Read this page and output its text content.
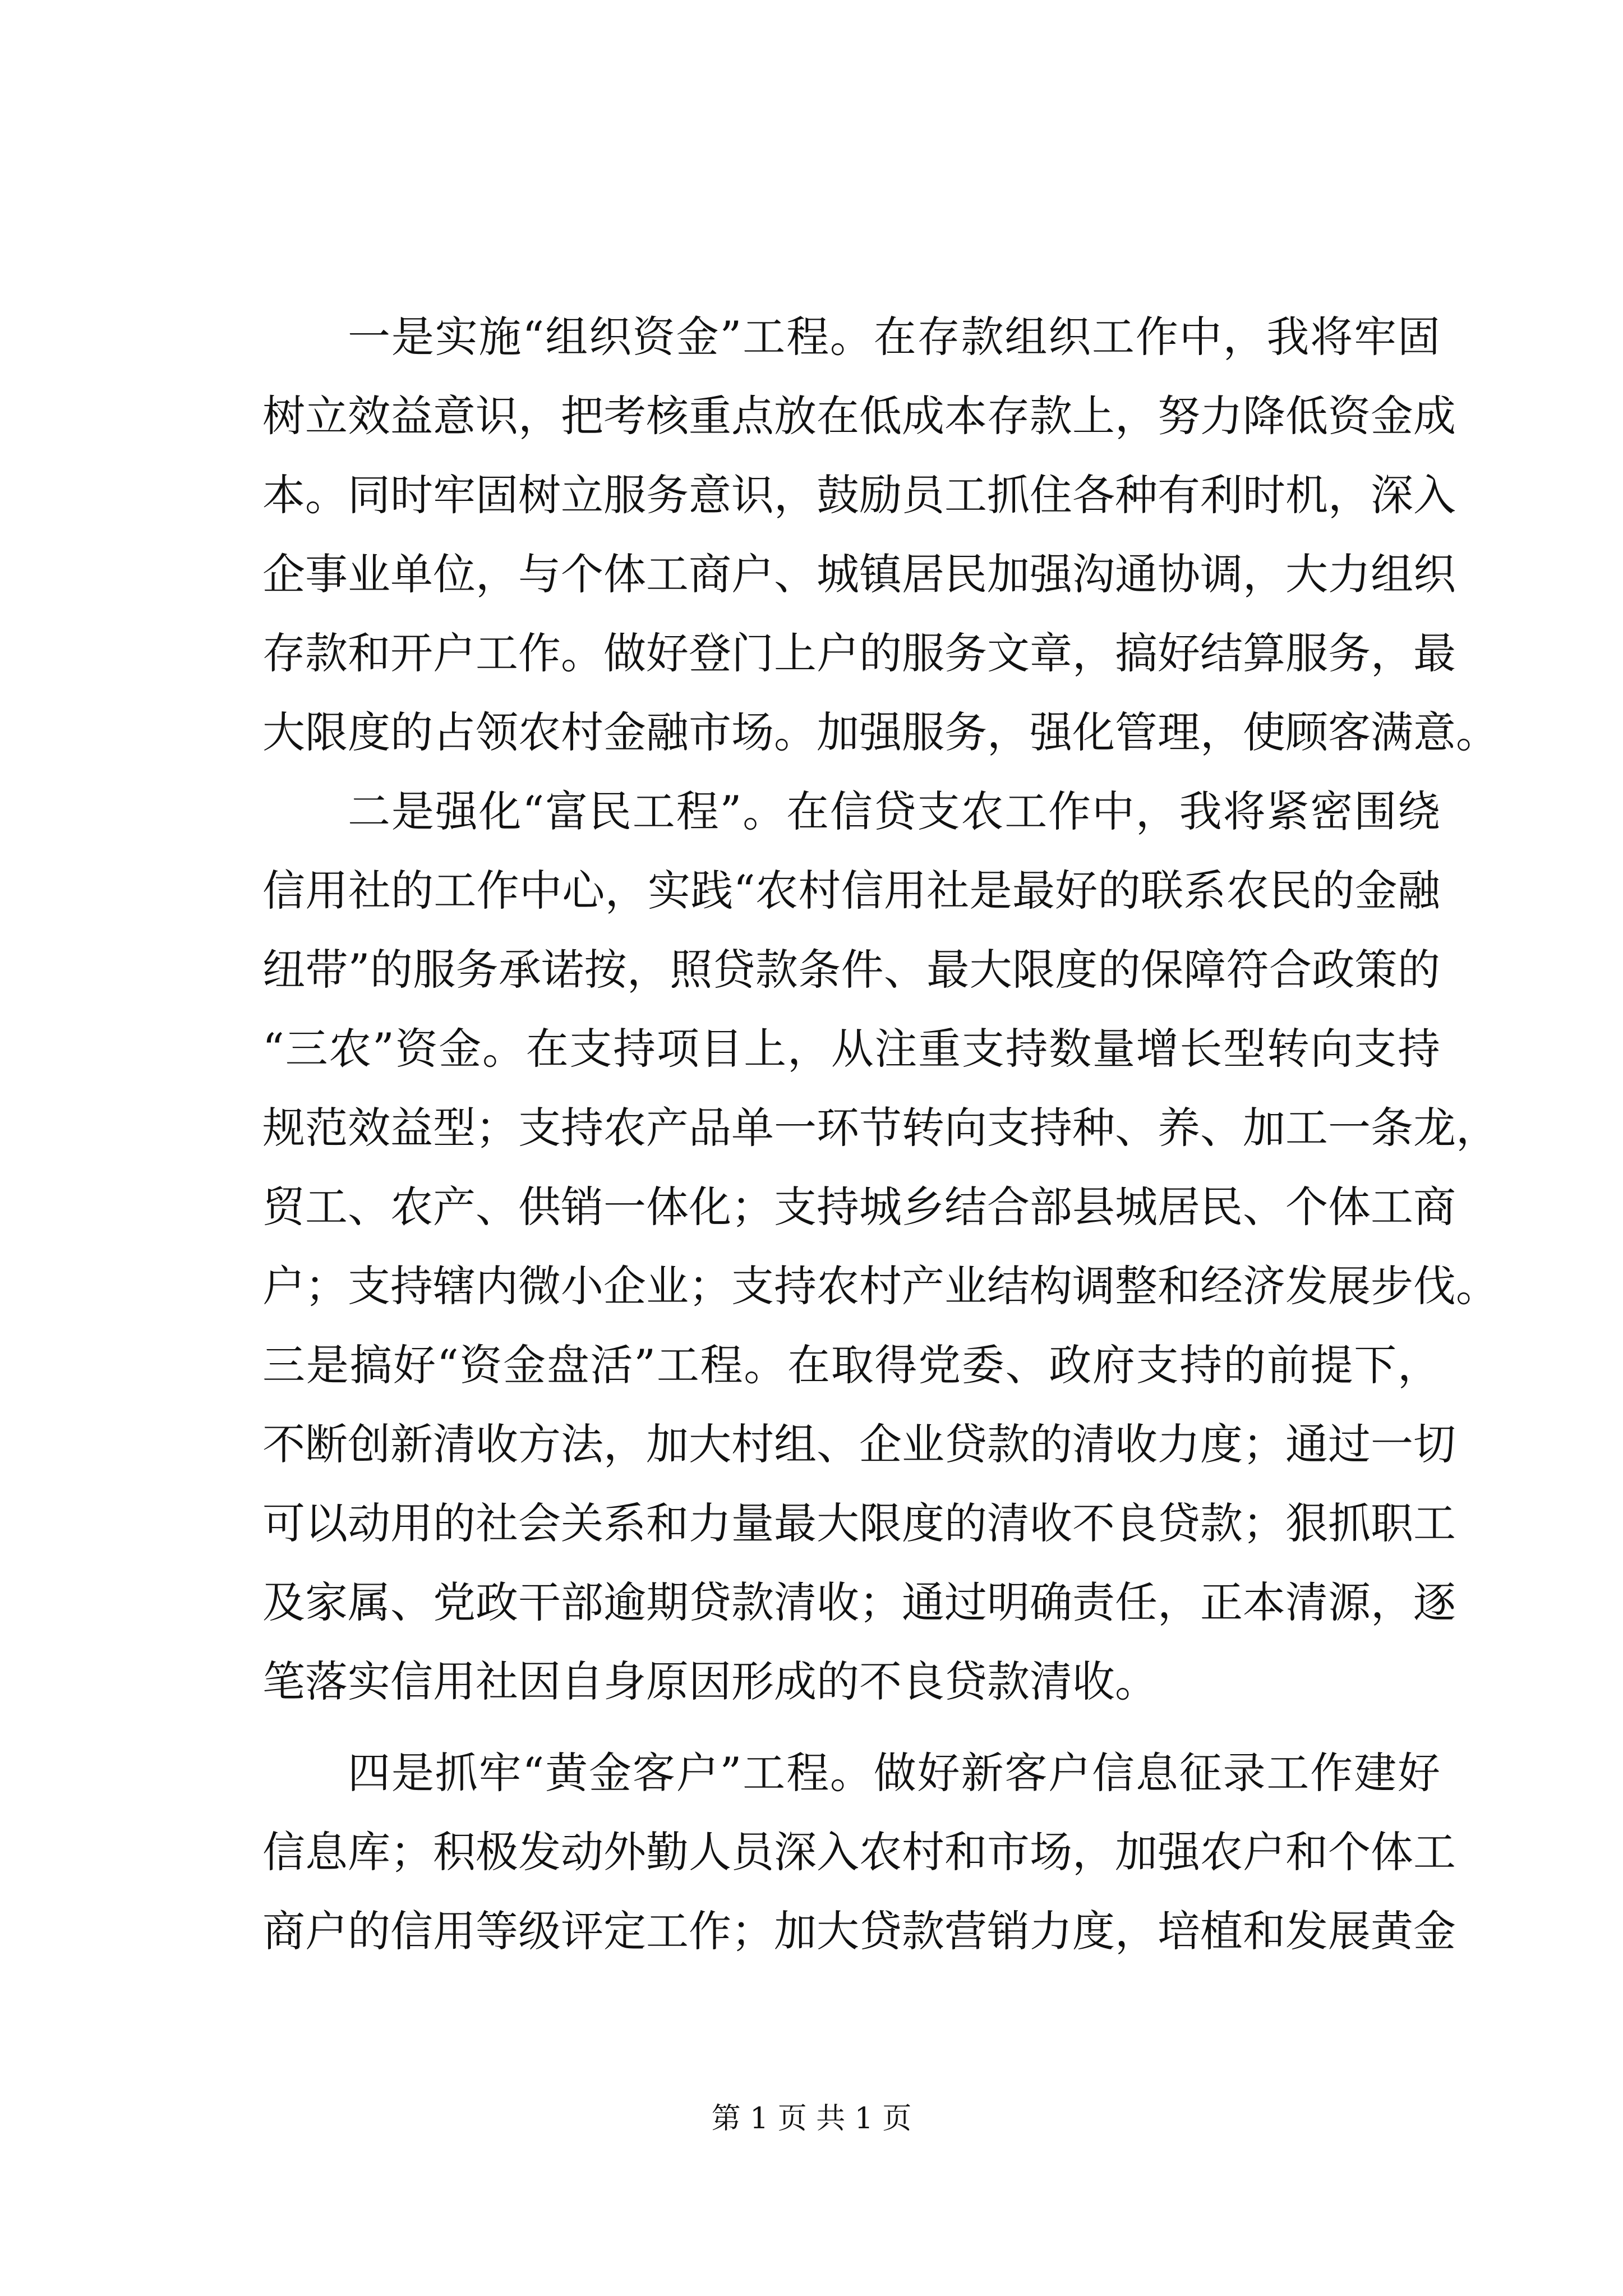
一是实施“组织资金”工程。在存款组织工作中，我将牢固
树立效益意识，把考核重点放在低成本存款上，努力降低资金成
本。同时牢固树立服务意识，鼓励员工抓住各种有利时机，深入
企事业单位，与个体工商户、城镇居民加强沟通协调，大力组织
存款和开户工作。做好登门上户的服务文章，搞好结算服务，最
大限度的占领农村金融市场。加强服务，强化管理，使顾客满意。
二是强化“富民工程”。在信贷支农工作中，我将紧密围绕
信用社的工作中心，实践“农村信用社是最好的联系农民的金融
纽带”的服务承诺按，照贷款条件、最大限度的保障符合政策的
“三农”资金。在支持项目上，从注重支持数量增长型转向支持
规范效益型；支持农产品单一环节转向支持种、养、加工一条龙，
贸工、农产、供销一体化；支持城乡结合部县城居民、个体工商
户；支持辖内微小企业；支持农村产业结构调整和经济发展步伐。
三是搞好“资金盘活”工程。在取得党委、政府支持的前提下，
不断创新清收方法，加大村组、企业贷款的清收力度；通过一切
可以动用的社会关系和力量最大限度的清收不良贷款；狠抓职工
及家属、党政干部逾期贷款清收；通过明确责任，正本清源，逐
笔落实信用社因自身原因形成的不良贷款清收。
四是抓牢“黄金客户”工程。做好新客户信息征录工作建好
信息库；积极发动外勤人员深入农村和市场，加强农户和个体工
商户的信用等级评定工作；加大贷款营销力度，培植和发展黄金
第 1 页 共 1 页
